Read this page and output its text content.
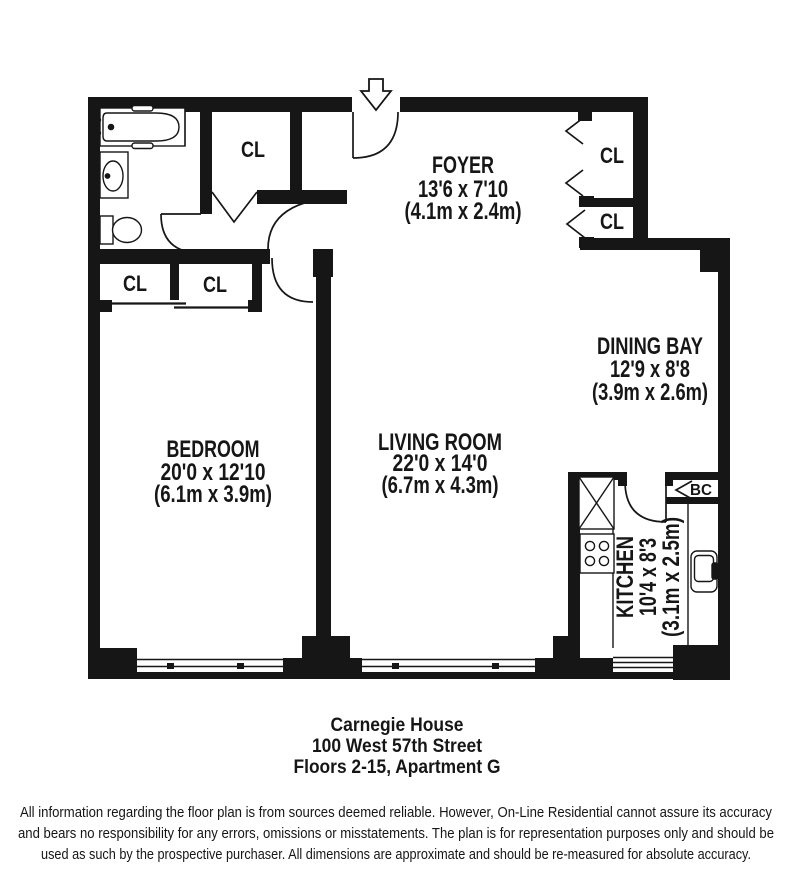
FOYER
13'6 x 7'10
(4.1m x 2.4m)
DINING BAY
12'9 x 8'8
(3.9m x 2.6m)
BEDROOM
20'0 x 12'10
(6.1m x 3.9m)
LIVING ROOM
22'0 x 14'0
(6.7m x 4.3m)
KITCHEN
10'4 x 8'3
(3.1m x 2.5m)
CL	CL
CL	CL
CL
BC
Carnegie House
100 West 57th Street
Floors 2-15, Apartment G
All information regarding the floor plan is from sources deemed reliable. However, On-Line Residential cannot assure its accuracy
and bears no responsibility for any errors, omissions or misstatements. The plan is for representation purposes only and should be
used as such by the prospective purchaser. All dimensions are approximate and should be re-measured for absolute accuracy.
